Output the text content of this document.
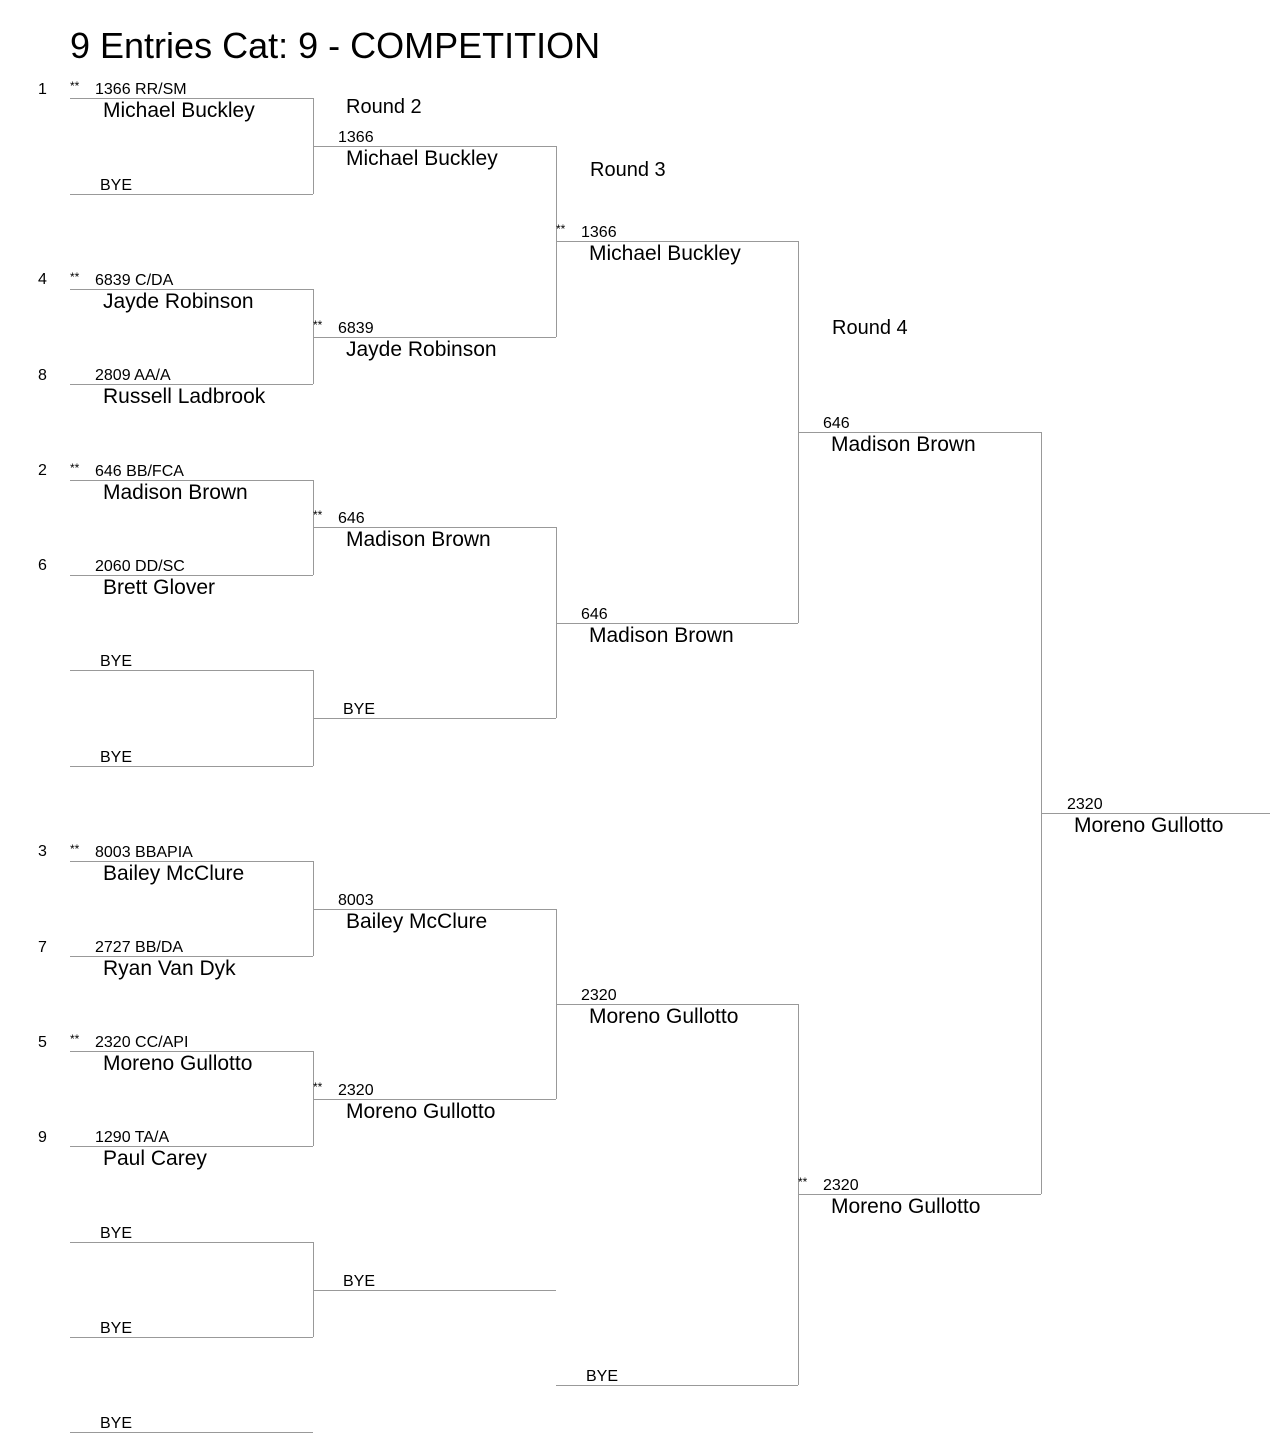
9 Entries Cat: 9 - COMPETITION
Round 2
Round 3
Round 4
1
4
8
2
6
3
7
5
9
** 1366 RR/SM
Michael Buckley
BYE
** 6839 C/DA
Jayde Robinson
2809 AA/A
Russell Ladbrook
** 646 BB/FCA
Madison Brown
2060 DD/SC
Brett Glover
BYE
BYE
** 8003 BBAPIA
Bailey McClure
2727 BB/DA
Ryan Van Dyk
** 2320 CC/API
Moreno Gullotto
1290 TA/A
Paul Carey
BYE
BYE
BYE
1366
Michael Buckley
** 6839
Jayde Robinson
** 646
Madison Brown
BYE
8003
Bailey McClure
** 2320
Moreno Gullotto
BYE
** 1366
Michael Buckley
646
Madison Brown
2320
Moreno Gullotto
BYE
646
Madison Brown
** 2320
Moreno Gullotto
2320
Moreno Gullotto
